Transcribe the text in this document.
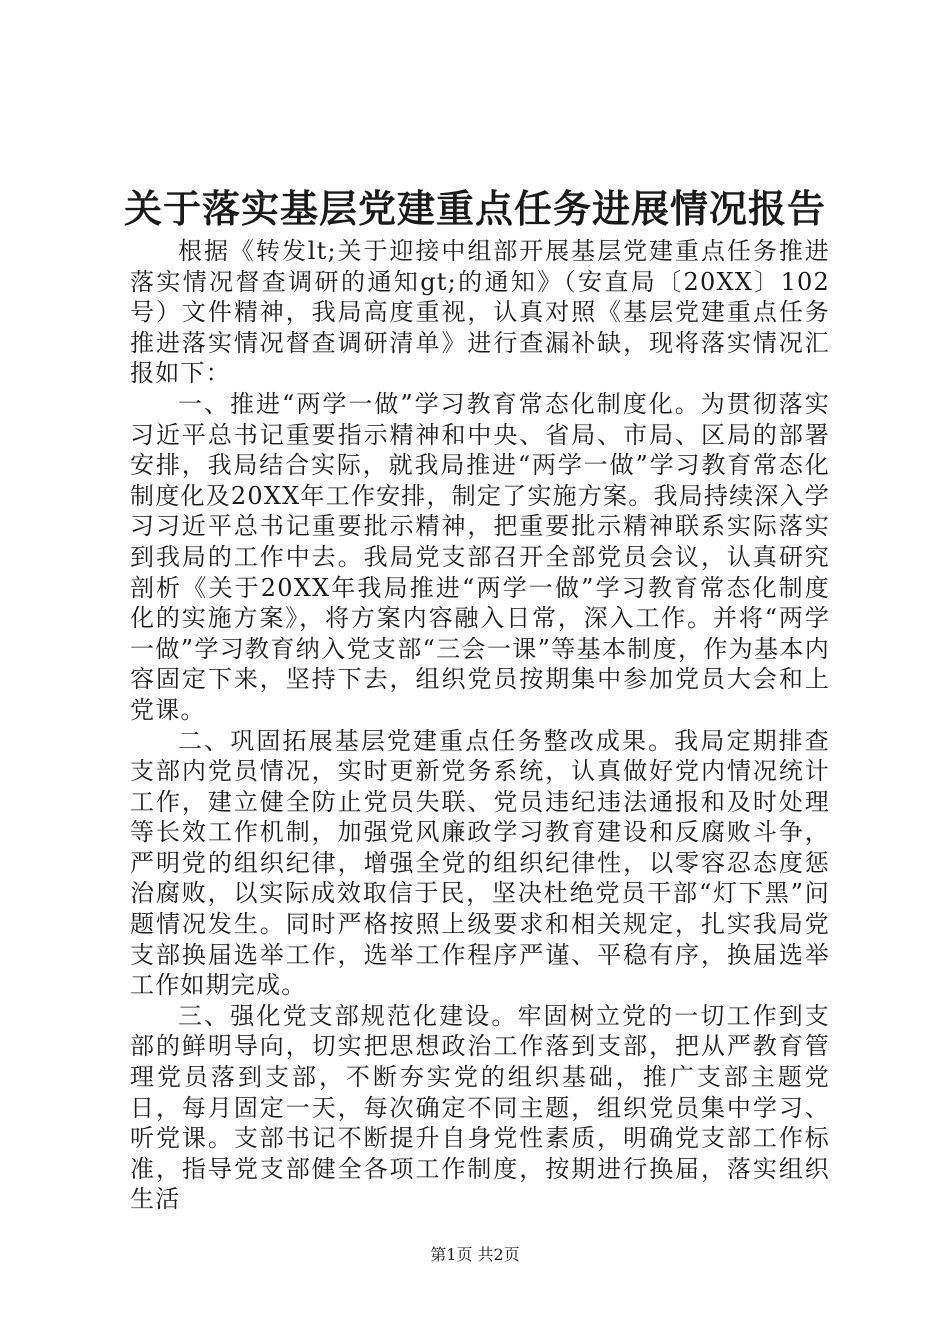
关于落实基层党建重点任务进展情况报告

根据《转发lt;关于迎接中组部开展基层党建重点任务推进落实情况督查调研的通知gt;的通知》（安直局〔20XX〕102号）文件精神，我局高度重视，认真对照《基层党建重点任务推进落实情况督查调研清单》进行查漏补缺，现将落实情况汇报如下：

一、推进“两学一做”学习教育常态化制度化。为贯彻落实习近平总书记重要指示精神和中央、省局、市局、区局的部署安排，我局结合实际，就我局推进“两学一做”学习教育常态化制度化及20XX年工作安排，制定了实施方案。我局持续深入学习习近平总书记重要批示精神，把重要批示精神联系实际落实到我局的工作中去。我局党支部召开全部党员会议，认真研究剖析《关于20XX年我局推进“两学一做”学习教育常态化制度化的实施方案》，将方案内容融入日常，深入工作。并将“两学一做”学习教育纳入党支部“三会一课”等基本制度，作为基本内容固定下来，坚持下去，组织党员按期集中参加党员大会和上党课。

二、巩固拓展基层党建重点任务整改成果。我局定期排查支部内党员情况，实时更新党务系统，认真做好党内情况统计工作，建立健全防止党员失联、党员违纪违法通报和及时处理等长效工作机制，加强党风廉政学习教育建设和反腐败斗争，严明党的组织纪律，增强全党的组织纪律性，以零容忍态度惩治腐败，以实际成效取信于民，坚决杜绝党员干部“灯下黑”问题情况发生。同时严格按照上级要求和相关规定，扎实我局党支部换届选举工作，选举工作程序严谨、平稳有序，换届选举工作如期完成。

三、强化党支部规范化建设。牢固树立党的一切工作到支部的鲜明导向，切实把思想政治工作落到支部，把从严教育管理党员落到支部，不断夯实党的组织基础，推广支部主题党日，每月固定一天，每次确定不同主题，组织党员集中学习、听党课。支部书记不断提升自身党性素质，明确党支部工作标准，指导党支部健全各项工作制度，按期进行换届，落实组织生活

第1页 共2页
